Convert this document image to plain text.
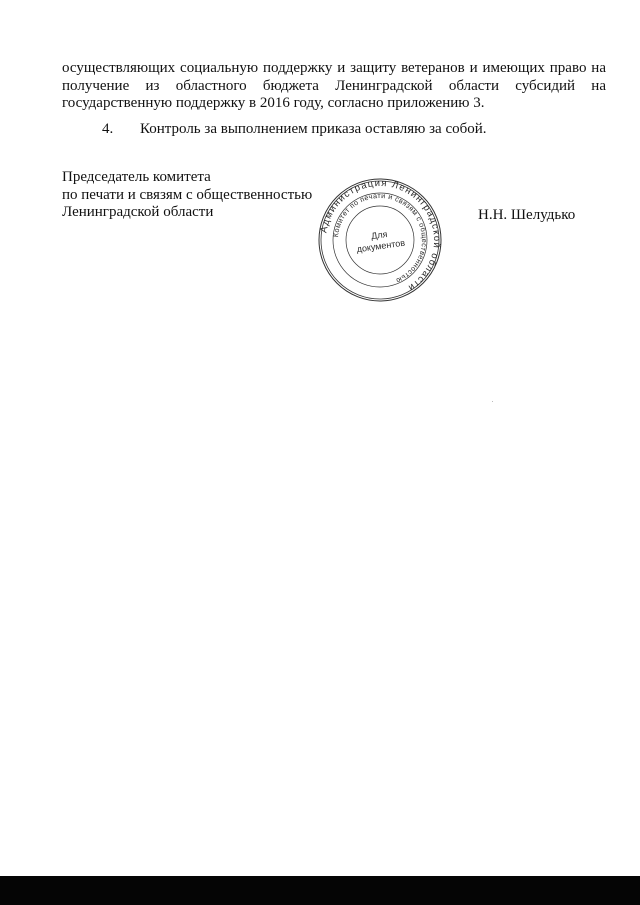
осуществляющих социальную поддержку и защиту ветеранов и имеющих право на
получение из областного бюджета Ленинградской области субсидий на
государственную поддержку в 2016 году, согласно приложению 3.
4. Контроль за выполнением приказа оставляю за собой.
Председатель комитета
по печати и связям с общественностью
Ленинградской области
Администрация Ленинградской области
Комитет по печати и связям с общественностью
Для
документов
Н.Н. Шелудько
